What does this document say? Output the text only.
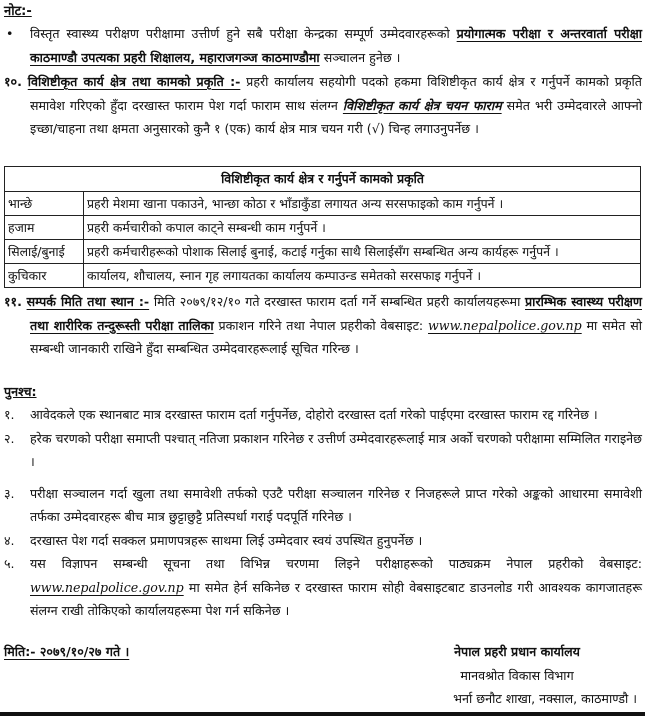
नोट:-
• विस्तृत स्वास्थ्य परीक्षण परीक्षामा उत्तीर्ण हुने सबै परीक्षा केन्द्रका सम्पूर्ण उम्मेदवारहरूको प्रयोगात्मक परीक्षा र अन्तरवार्ता परीक्षा काठमाण्डौ उपत्यका प्रहरी शिक्षालय, महाराजगञ्ज काठमाण्डौमा सञ्चालन हुनेछ ।
१०. विशिष्टीकृत कार्य क्षेत्र तथा कामको प्रकृति :- प्रहरी कार्यालय सहयोगी पदको हकमा विशिष्टीकृत कार्य क्षेत्र र गर्नुपर्ने कामको प्रकृति समावेश गरिएको हुँदा दरखास्त फाराम पेश गर्दा फाराम साथ संलग्न विशिष्टीकृत कार्य क्षेत्र चयन फाराम समेत भरी उम्मेदवारले आफ्नो इच्छा/चाहना तथा क्षमता अनुसारको कुनै १ (एक) कार्य क्षेत्र मात्र चयन गरी (√) चिन्ह लगाउनुपर्नेछ ।
विशिष्टीकृत कार्य क्षेत्र र गर्नुपर्ने कामको प्रकृति	
भान्छे	प्रहरी मेशमा खाना पकाउने, भान्छा कोठा र भाँडाकुँडा लगायत अन्य सरसफाइको काम गर्नुपर्ने ।
हजाम	प्रहरी कर्मचारीको कपाल काट्ने सम्बन्धी काम गर्नुपर्ने ।
सिलाई/बुनाई	प्रहरी कर्मचारीहरूको पोशाक सिलाई बुनाई, कटाई गर्नुका साथै सिलाईसँग सम्बन्धित अन्य कार्यहरू गर्नुपर्ने ।
कुचिकार	कार्यालय, शौचालय, स्नान गृह लगायतका कार्यालय कम्पाउन्ड समेतको सरसफाइ गर्नुपर्ने ।
११. सम्पर्क मिति तथा स्थान :- मिति २०७९/१२/१० गते दरखास्त फाराम दर्ता गर्ने सम्बन्धित प्रहरी कार्यालयहरूमा प्रारम्भिक स्वास्थ्य परीक्षण तथा शारीरिक तन्दुरूस्ती परीक्षा तालिका प्रकाशन गरिने तथा नेपाल प्रहरीको वेबसाइट: www.nepalpolice.gov.np मा समेत सो सम्बन्धी जानकारी राखिने हुँदा सम्बन्धित उम्मेदवारहरूलाई सूचित गरिन्छ ।
पुनश्च:
१. आवेदकले एक स्थानबाट मात्र दरखास्त फाराम दर्ता गर्नुपर्नेछ, दोहोरो दरखास्त दर्ता गरेको पाईएमा दरखास्त फाराम रद्द गरिनेछ ।
२. हरेक चरणको परीक्षा समाप्ती पश्चात् नतिजा प्रकाशन गरिनेछ र उत्तीर्ण उम्मेदवारहरूलाई मात्र अर्को चरणको परीक्षामा सम्मिलित गराइनेछ ।
३. परीक्षा सञ्चालन गर्दा खुला तथा समावेशी तर्फको एउटै परीक्षा सञ्चालन गरिनेछ र निजहरूले प्राप्त गरेको अङ्कको आधारमा समावेशी तर्फका उम्मेदवारहरू बीच मात्र छुट्टाछुट्टै प्रतिस्पर्धा गराई पदपूर्ति गरिनेछ ।
४. दरखास्त पेश गर्दा सक्कल प्रमाणपत्रहरू साथमा लिई उम्मेदवार स्वयं उपस्थित हुनुपर्नेछ ।
५. यस विज्ञापन सम्बन्धी सूचना तथा विभिन्न चरणमा लिइने परीक्षाहरूको पाठ्यक्रम नेपाल प्रहरीको वेबसाइट: www.nepalpolice.gov.np मा समेत हेर्न सकिनेछ र दरखास्त फाराम सोही वेबसाइटबाट डाउनलोड गरी आवश्यक कागजातहरू संलग्न राखी तोकिएको कार्यालयहरूमा पेश गर्न सकिनेछ ।
मिति:- २०७९/१०/२७ गते ।	नेपाल प्रहरी प्रधान कार्यालय
मानवश्रोत विकास विभाग
भर्ना छनौट शाखा, नक्साल, काठमाण्डौ ।
